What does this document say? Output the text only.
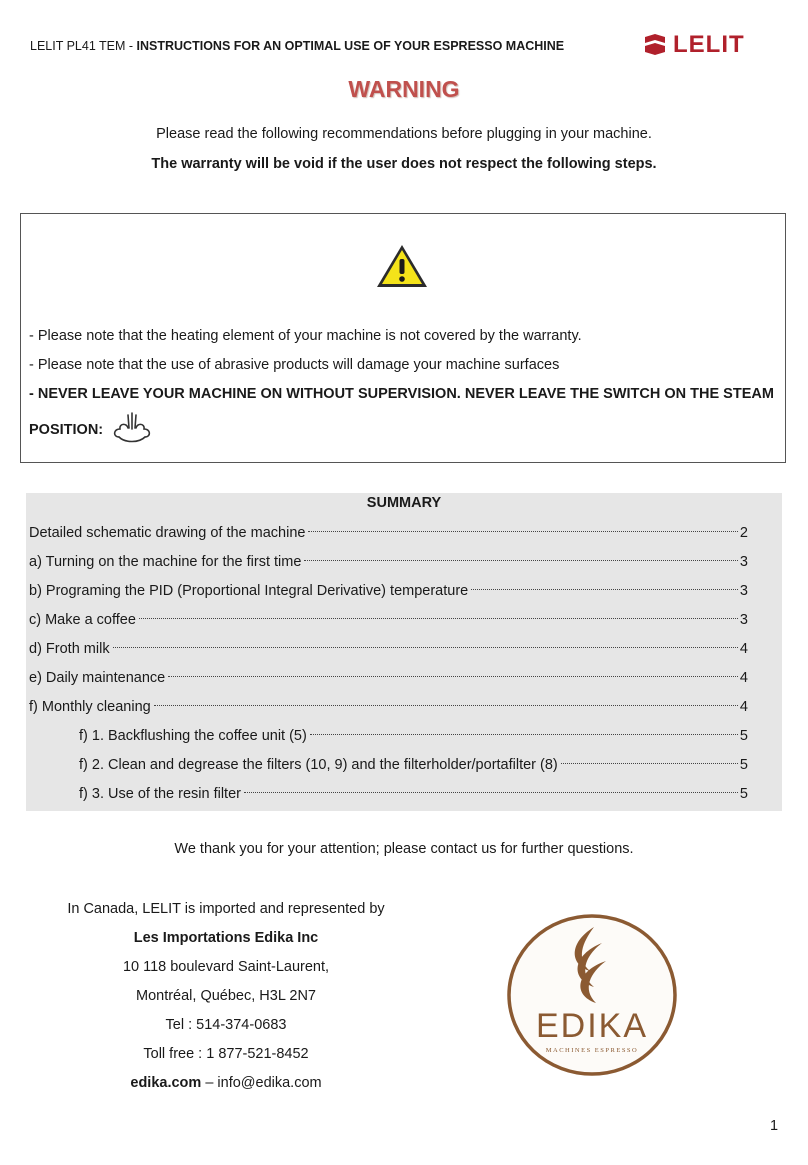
LELIT PL41 TEM - INSTRUCTIONS FOR AN OPTIMAL USE OF YOUR ESPRESSO MACHINE	LELIT
WARNING
Please read the following recommendations before plugging in your machine.
The warranty will be void if the user does not respect the following steps.
- Please note that the heating element of your machine is not covered by the warranty.
- Please note that the use of abrasive products will damage your machine surfaces
- NEVER LEAVE YOUR MACHINE ON WITHOUT SUPERVISION. NEVER LEAVE THE SWITCH ON THE STEAM
POSITION:
SUMMARY
Detailed schematic drawing of the machine	2
a) Turning on the machine for the first time	3
b) Programing the PID (Proportional Integral Derivative) temperature	3
c) Make a coffee	3
d) Froth milk	4
e) Daily maintenance	4
f) Monthly cleaning	4
f) 1. Backflushing the coffee unit (5)	5
f) 2. Clean and degrease the filters (10, 9) and the filterholder/portafilter (8)	5
f) 3. Use of the resin filter	5
We thank you for your attention; please contact us for further questions.
In Canada, LELIT is imported and represented by
Les Importations Edika Inc
10 118 boulevard Saint-Laurent,
Montréal, Québec, H3L 2N7
Tel : 514-374-0683
Toll free : 1 877-521-8452
edika.com – info@edika.com
EDIKA
MACHINES ESPRESSO
1
